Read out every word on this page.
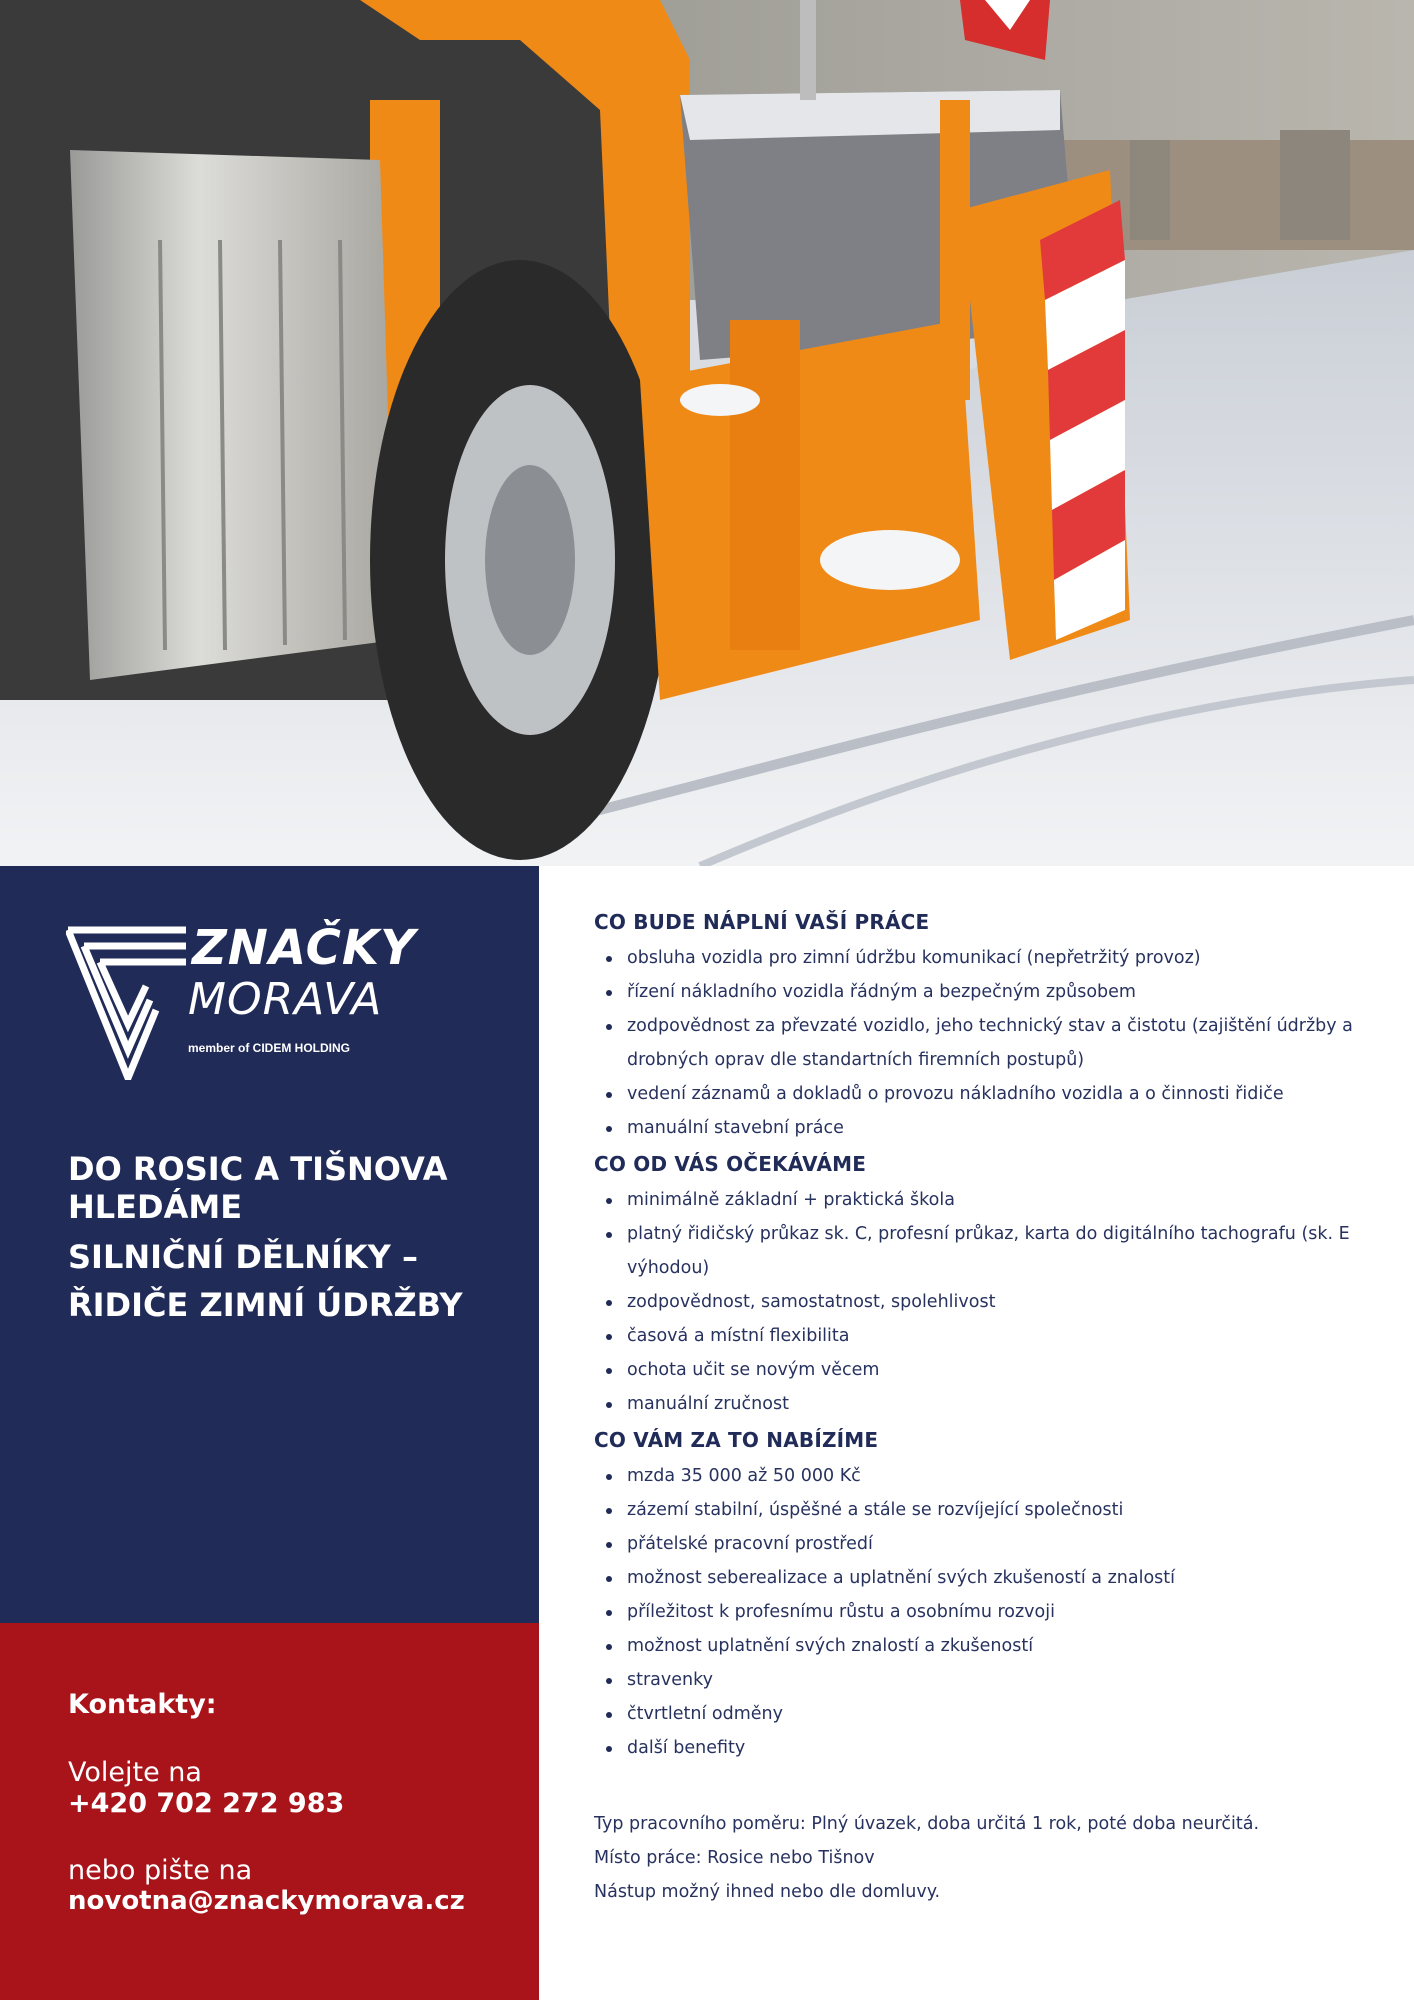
ZNAČKY
MORAVA
member of CIDEM HOLDING
DO ROSIC A TIŠNOVA
HLEDÁME
SILNIČNÍ DĚLNÍKY –
ŘIDIČE ZIMNÍ ÚDRŽBY
Kontakty:
Volejte na
+420 702 272 983
nebo pište na
novotna@znackymorava.cz
CO BUDE NÁPLNÍ VAŠÍ PRÁCE
obsluha vozidla pro zimní údržbu komunikací (nepřetržitý provoz)
řízení nákladního vozidla řádným a bezpečným způsobem
zodpovědnost za převzaté vozidlo, jeho technický stav a čistotu (zajištění údržby a drobných oprav dle standartních firemních postupů)
vedení záznamů a dokladů o provozu nákladního vozidla a o činnosti řidiče
manuální stavební práce
CO OD VÁS OČEKÁVÁME
minimálně základní + praktická škola
platný řidičský průkaz sk. C, profesní průkaz, karta do digitálního tachografu (sk. E výhodou)
zodpovědnost, samostatnost, spolehlivost
časová a místní flexibilita
ochota učit se novým věcem
manuální zručnost
CO VÁM ZA TO NABÍZÍME
mzda 35 000 až 50 000 Kč
zázemí stabilní, úspěšné a stále se rozvíjející společnosti
přátelské pracovní prostředí
možnost seberealizace a uplatnění svých zkušeností a znalostí
příležitost k profesnímu růstu a osobnímu rozvoji
možnost uplatnění svých znalostí a zkušeností
stravenky
čtvrtletní odměny
další benefity
Typ pracovního poměru: Plný úvazek, doba určitá 1 rok, poté doba neurčitá.
Místo práce: Rosice nebo Tišnov
Nástup možný ihned nebo dle domluvy.
